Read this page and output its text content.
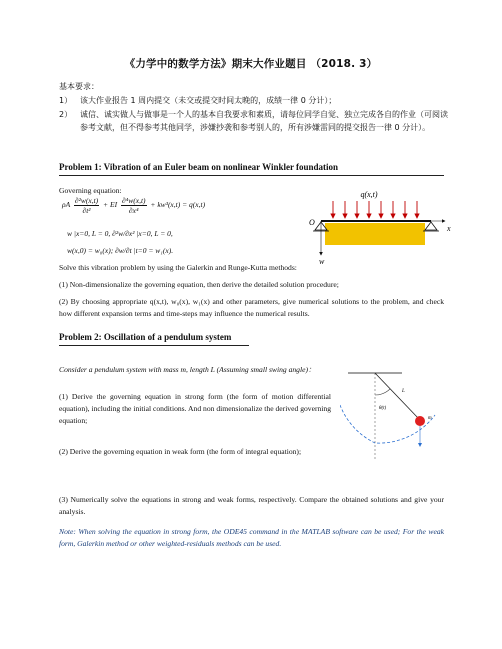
《力学中的数学方法》期末大作业题目 （2018. 3）
基本要求：
1） 该大作业报告 1 周内提交（未交或提交时间太晚的，成绩一律 0 分计）；
2） 诚信、诚实做人与做事是一个人的基本自我要求和素质，请每位同学自觉、独立完成各自的作业（可阅读参考文献，但不得参考其他同学，涉嫌抄袭和参考别人的，所有涉嫌雷同的提交报告一律 0 分计）。
Problem 1: Vibration of an Euler beam on nonlinear Winkler foundation
Governing equation:
ρA $\frac{\text{∂²w(x,t)}}{\text{∂t²}}$ + EI $\frac{\text{∂⁴w(x,t)}}{\text{∂x⁴}} + kw^3(x,t) = q(x,t)$
w |x=0, L = 0, ∂²w/∂x² |x=0, L = 0,
w(x,0) = w₀(x); ∂w/∂t |t=0 = w₁(x).
q(x,t)
O
x
w
Solve this vibration problem by using the Galerkin and Runge-Kutta methods:
(1) Non-dimensionalize the governing equation, then derive the detailed solution procedure;
(2) By choosing appropriate q(x,t), w₀(x), w₁(x) and other parameters, give numerical solutions to the problem, and check how different expansion terms and time-steps may influence the numerical results.
Problem 2: Oscillation of a pendulum system
Consider a pendulum system with mass m, length L (Assuming small swing angle)：
(1) Derive the governing equation in strong form (the form of motion differential equation), including the initial conditions. And non dimensionalize the derived governing equation;
(2) Derive the governing equation in weak form (the form of integral equation);
(3) Numerically solve the equations in strong and weak forms, respectively. Compare the obtained solutions and give your analysis.
Note: When solving the equation in strong form, the ODE45 command in the MATLAB software can be used; For the weak form, Galerkin method or other weighted-residuals methods can be used.
θ(t)
L
m
